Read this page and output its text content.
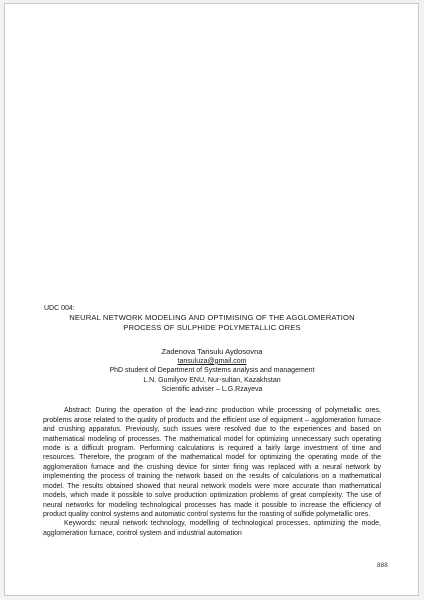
UDC 004:

NEURAL NETWORK MODELING AND OPTIMISING OF THE AGGLOMERATION
PROCESS OF SULPHIDE POLYMETALLIC ORES
Zadenova Tansulu Aydosovna
tansuluza@gmail.com
PhD student of Department of Systems analysis and management
L.N. Gumilyov ENU, Nur-sultan, Kazakhstan
Scientific adviser – L.G.Rzayeva

Abstract: During the operation of the lead-zinc production while processing of polymetallic ores, problems arose related to the quality of products and the efficient use of equipment – agglomeration furnace and crushing apparatus. Previously, such issues were resolved due to the experiences and based on mathematical modeling of processes. The mathematical model for optimizing unnecessary such operating mode is a difficult program. Performing calculations is required a fairly large investment of time and resources. Therefore, the program of the mathematical model for optimizing the operating mode of the agglomeration furnace and the crushing device for sinter firing was replaced with a neural network by implementing the process of training the network based on the results of calculations on a mathematical model. The results obtained showed that neural network models were more accurate than mathematical models, which made it possible to solve production optimization problems of great complexity. The use of neural networks for modeling technological processes has made it possible to increase the efficiency of product quality control systems and automatic control systems for the roasting of sulfide polymetallic ores.

Keywords: neural network technology, modelling of technological processes, optimizing the mode, agglomeration furnace, control system and industrial automation

888
